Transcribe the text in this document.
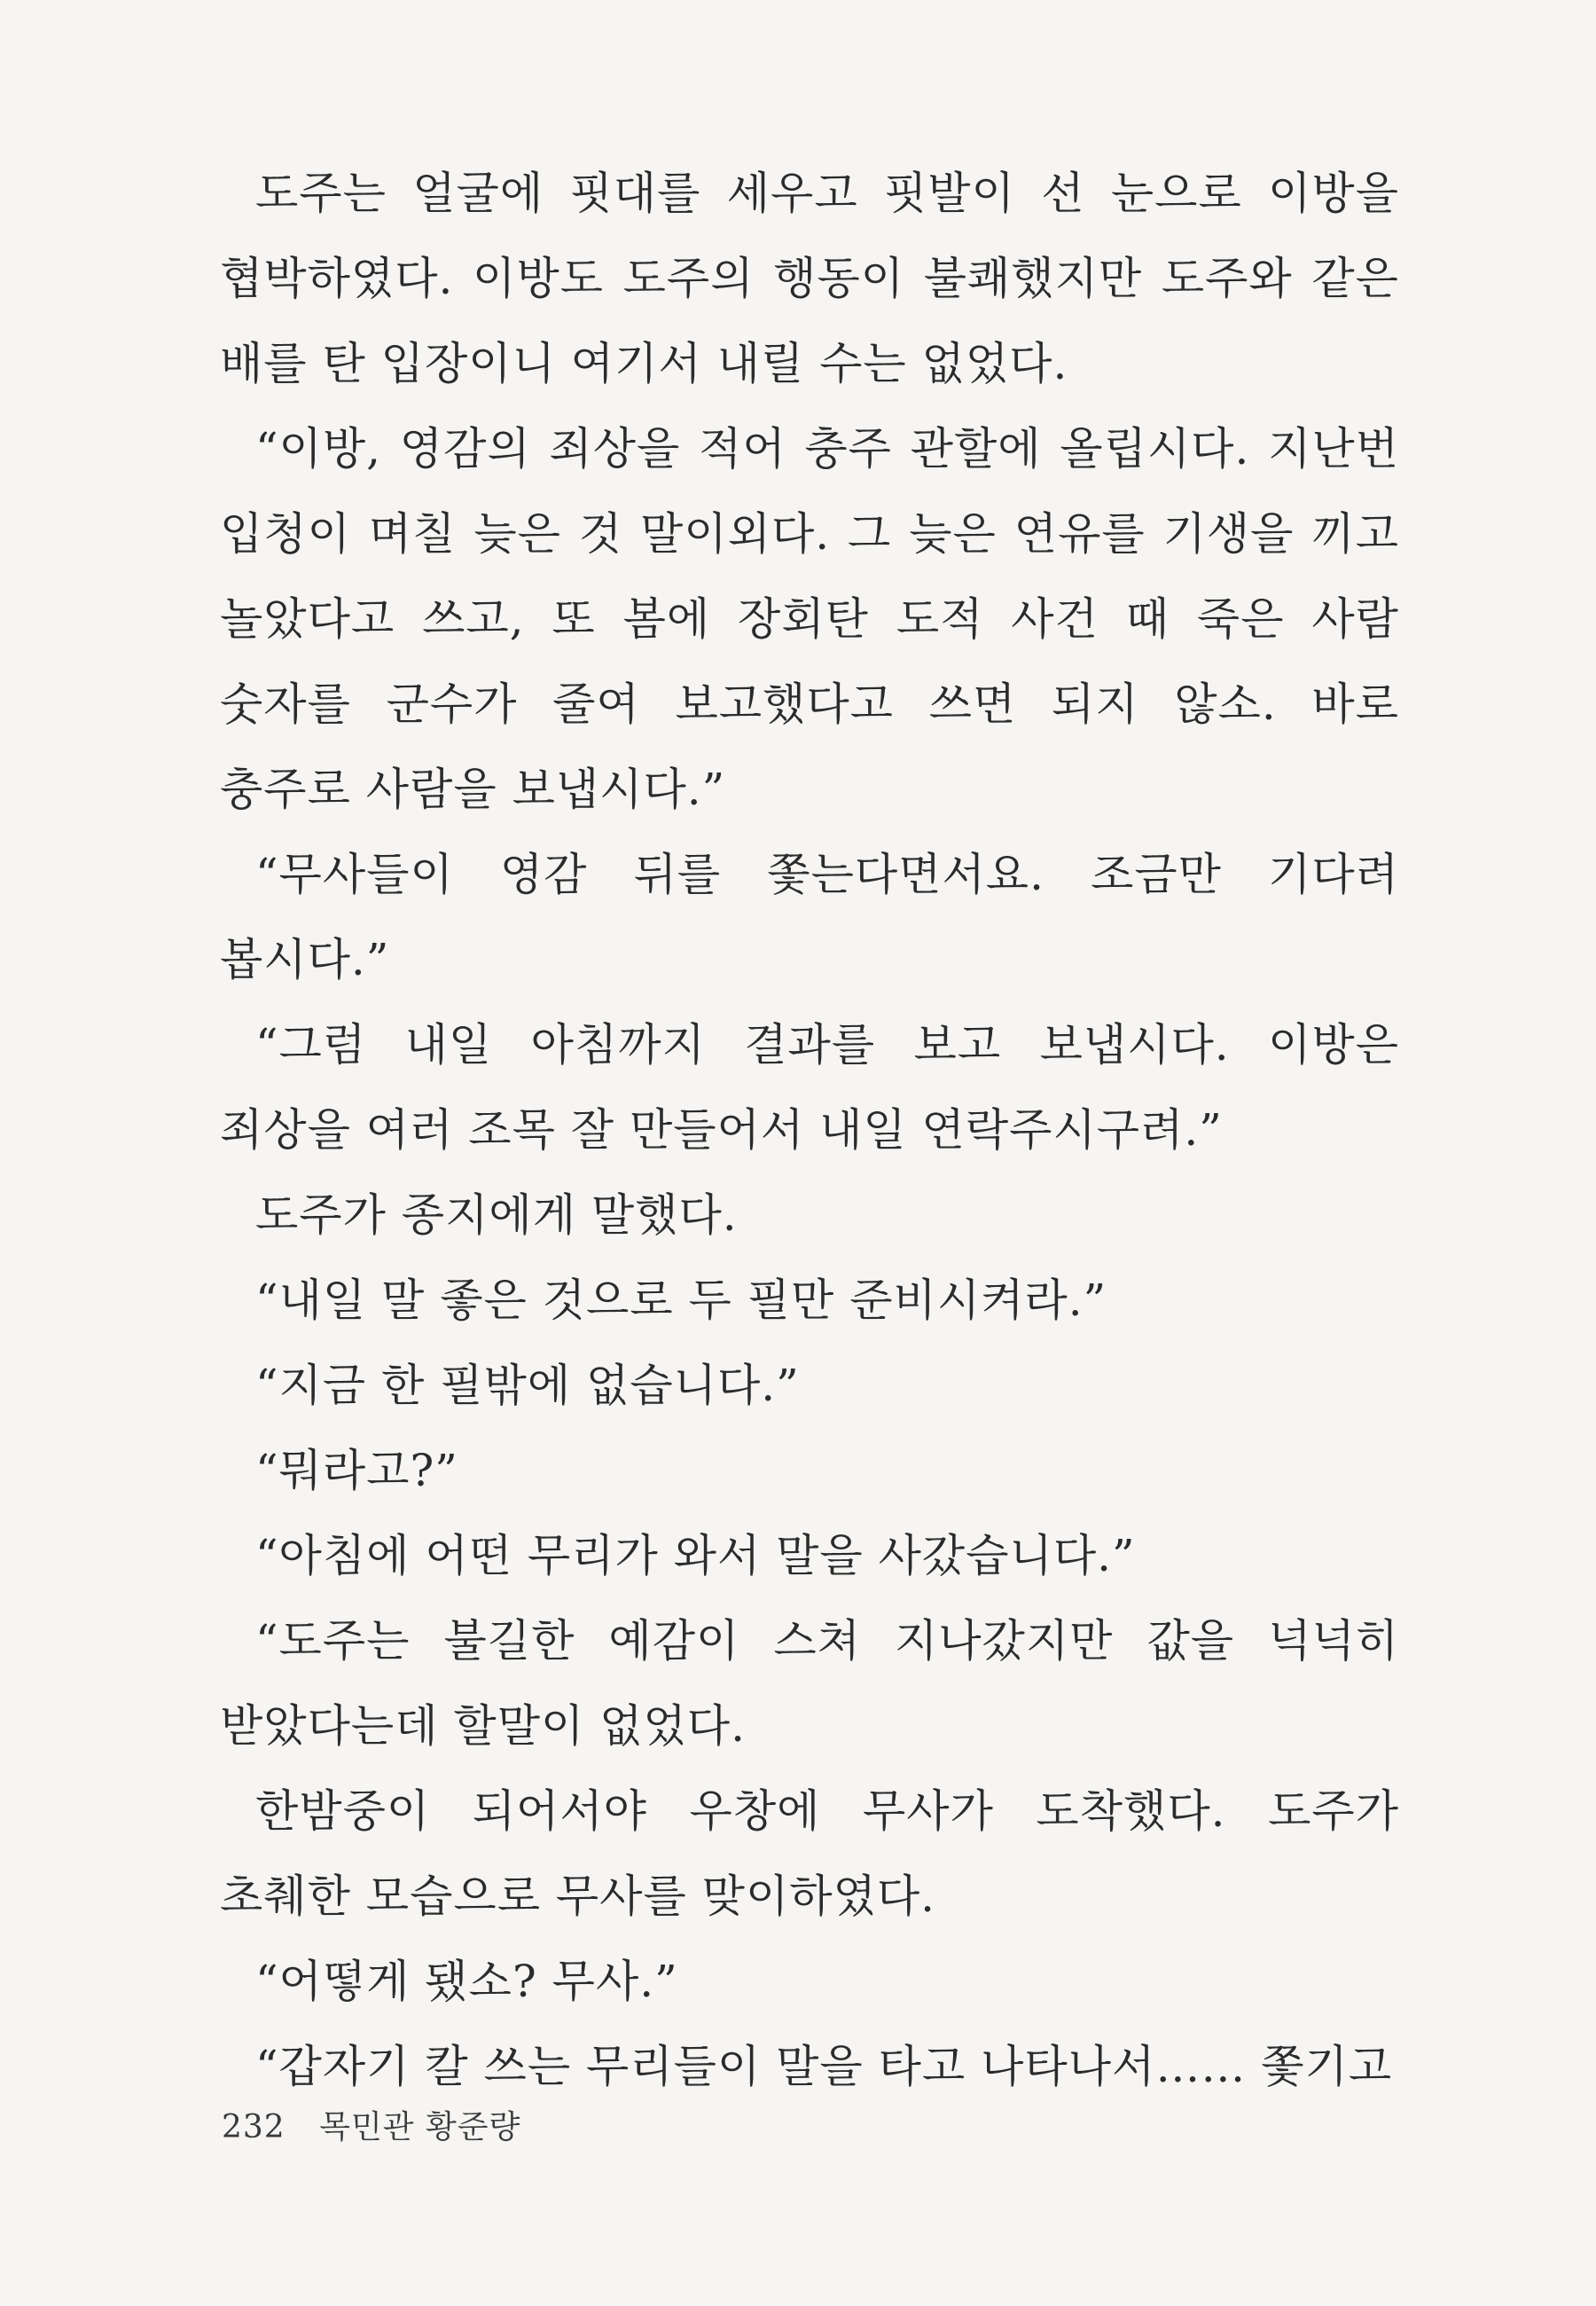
도주는 얼굴에 핏대를 세우고 핏발이 선 눈으로 이방을 협박하였다. 이방도 도주의 행동이 불쾌했지만 도주와 같은 배를 탄 입장이니 여기서 내릴 수는 없었다.

“이방, 영감의 죄상을 적어 충주 관할에 올립시다. 지난번 입청이 며칠 늦은 것 말이외다. 그 늦은 연유를 기생을 끼고 놀았다고 쓰고, 또 봄에 장회탄 도적 사건 때 죽은 사람 숫자를 군수가 줄여 보고했다고 쓰면 되지 않소. 바로 충주로 사람을 보냅시다.”

“무사들이 영감 뒤를 쫓는다면서요. 조금만 기다려 봅시다.”

“그럼 내일 아침까지 결과를 보고 보냅시다. 이방은 죄상을 여러 조목 잘 만들어서 내일 연락주시구려.”

도주가 종지에게 말했다.

“내일 말 좋은 것으로 두 필만 준비시켜라.”

“지금 한 필밖에 없습니다.”

“뭐라고?”

“아침에 어떤 무리가 와서 말을 사갔습니다.”

“도주는 불길한 예감이 스쳐 지나갔지만 값을 넉넉히 받았다는데 할말이 없었다.

한밤중이 되어서야 우창에 무사가 도착했다. 도주가 초췌한 모습으로 무사를 맞이하였다.

“어떻게 됐소? 무사.”

“갑자기 칼 쓰는 무리들이 말을 타고 나타나서…… 쫓기고

232 목민관 황준량
